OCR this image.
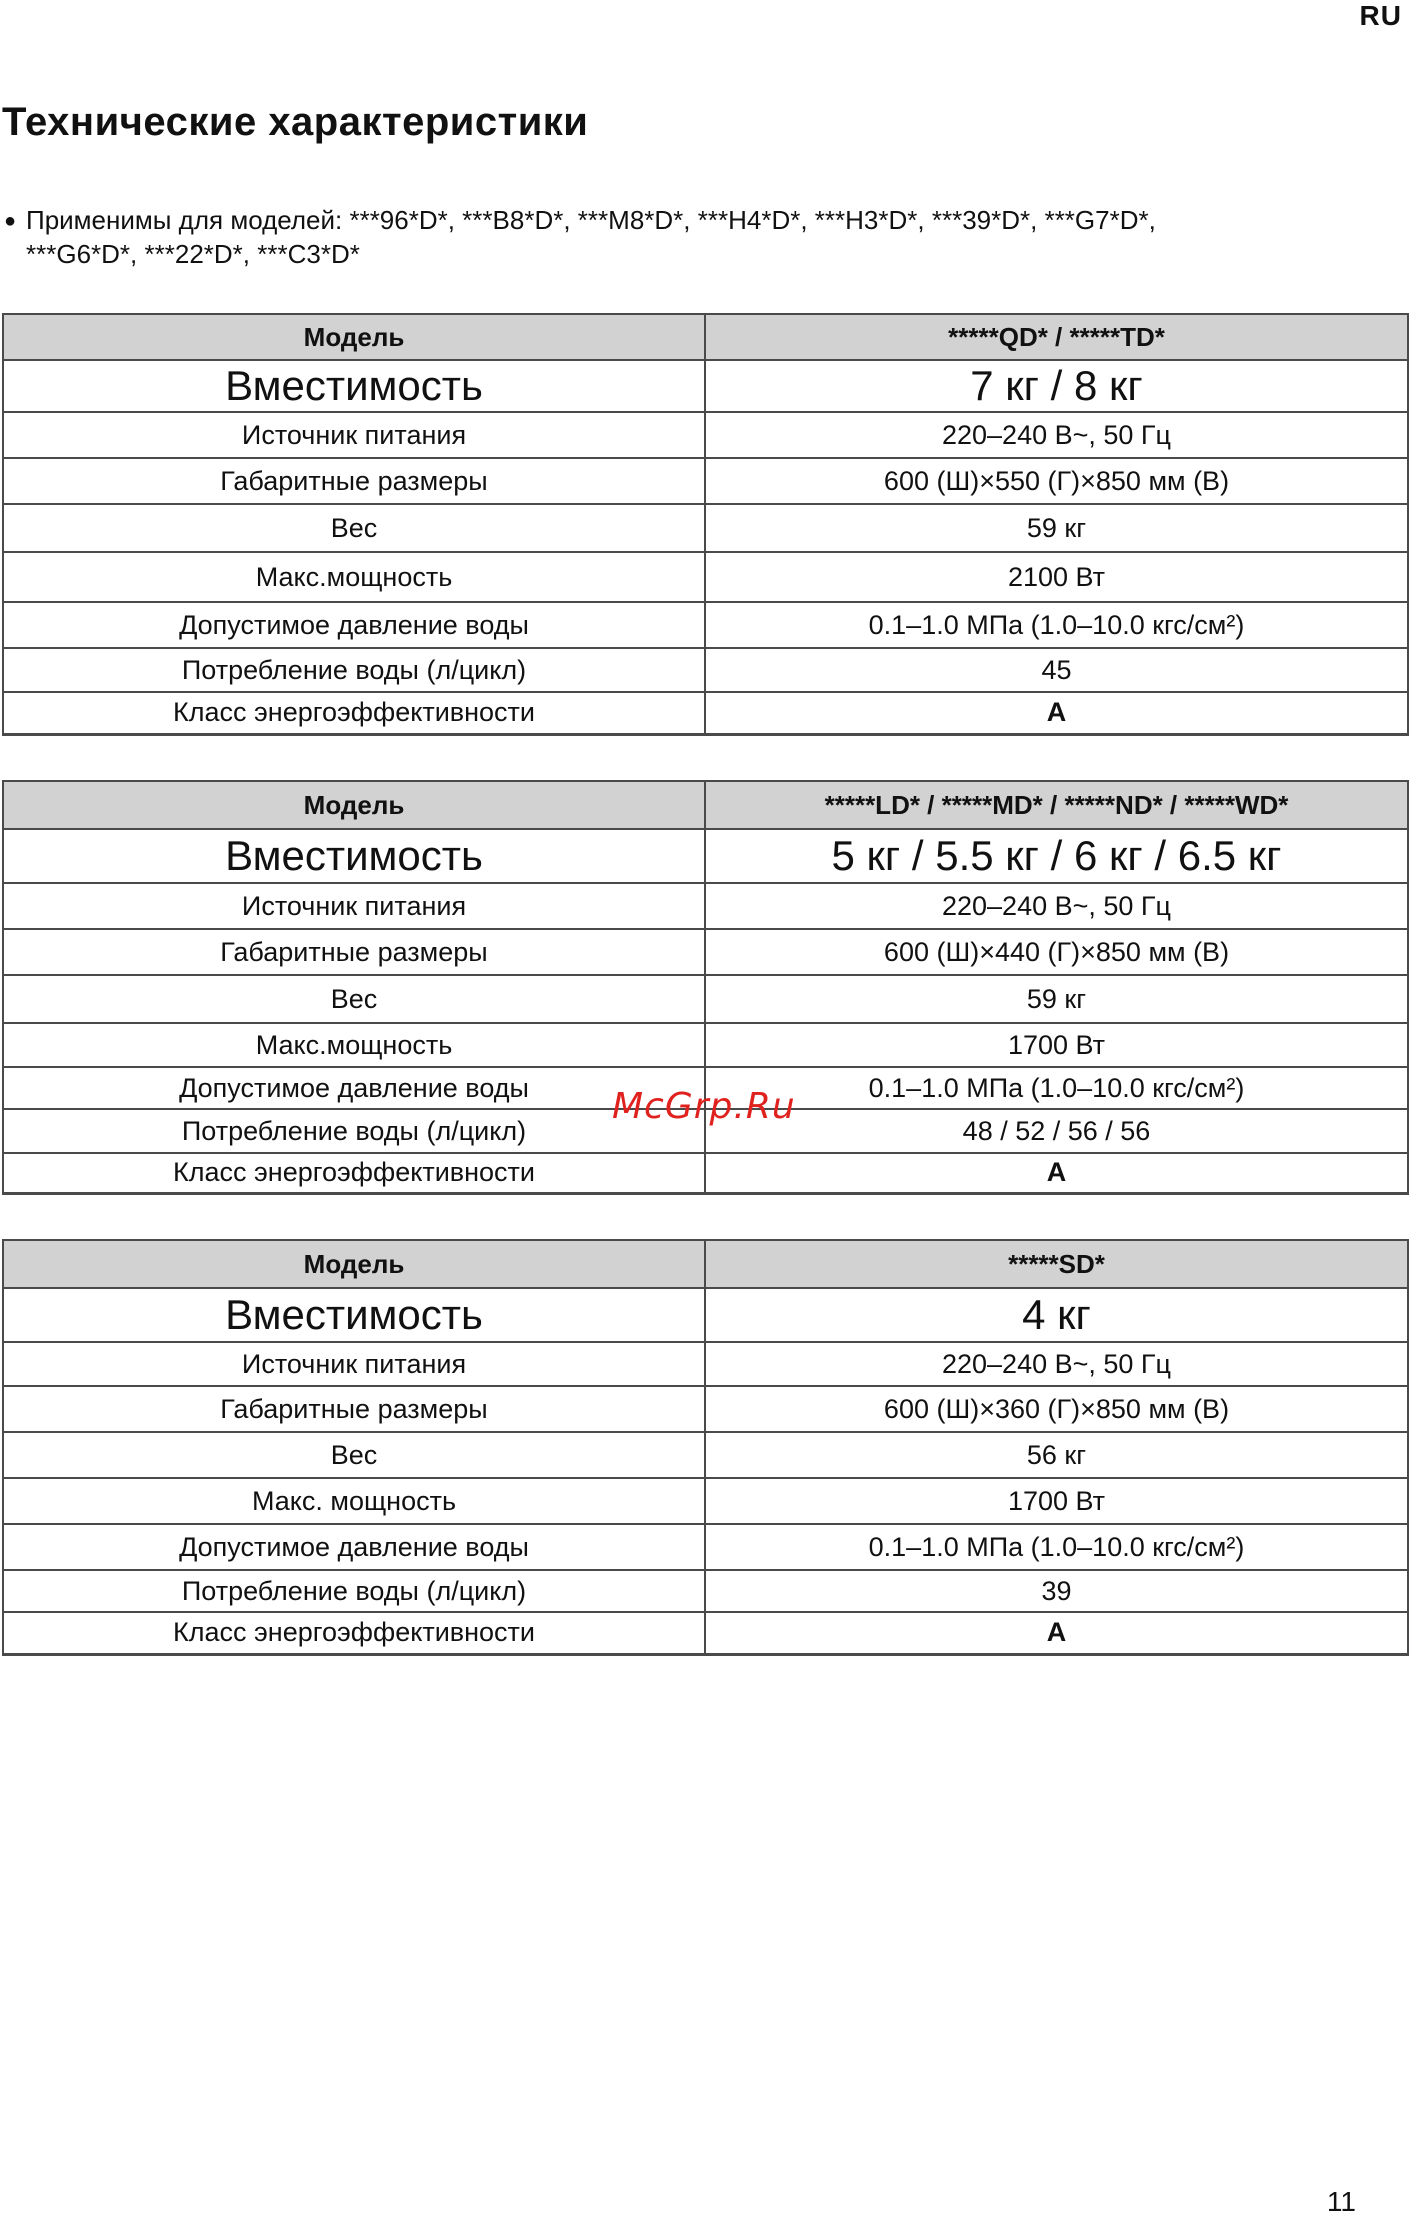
RU
Технические характеристики
● Применимы для моделей: ***96*D*, ***B8*D*, ***M8*D*, ***H4*D*, ***H3*D*, ***39*D*, ***G7*D*,
***G6*D*, ***22*D*, ***C3*D*
Модель	*****QD* / *****TD*
Вместимость	7 кг / 8 кг
Источник питания	220–240 В~, 50 Гц
Габаритные размеры	600 (Ш)×550 (Г)×850 мм (В)
Вес	59 кг
Макс.мощность	2100 Вт
Допустимое давление воды	0.1–1.0 МПа (1.0–10.0 кгс/см²)
Потребление воды (л/цикл)	45
Класс энергоэффективности	A
Модель	*****LD* / *****MD* / *****ND* / *****WD*
Вместимость	5 кг / 5.5 кг / 6 кг / 6.5 кг
Источник питания	220–240 В~, 50 Гц
Габаритные размеры	600 (Ш)×440 (Г)×850 мм (В)
Вес	59 кг
Макс.мощность	1700 Вт
Допустимое давление воды	0.1–1.0 МПа (1.0–10.0 кгс/см²)
Потребление воды (л/цикл)	48 / 52 / 56 / 56
Класс энергоэффективности	A
Модель	*****SD*
Вместимость	4 кг
Источник питания	220–240 В~, 50 Гц
Габаритные размеры	600 (Ш)×360 (Г)×850 мм (В)
Вес	56 кг
Макс. мощность	1700 Вт
Допустимое давление воды	0.1–1.0 МПа (1.0–10.0 кгс/см²)
Потребление воды (л/цикл)	39
Класс энергоэффективности	A
McGrp.Ru
11
